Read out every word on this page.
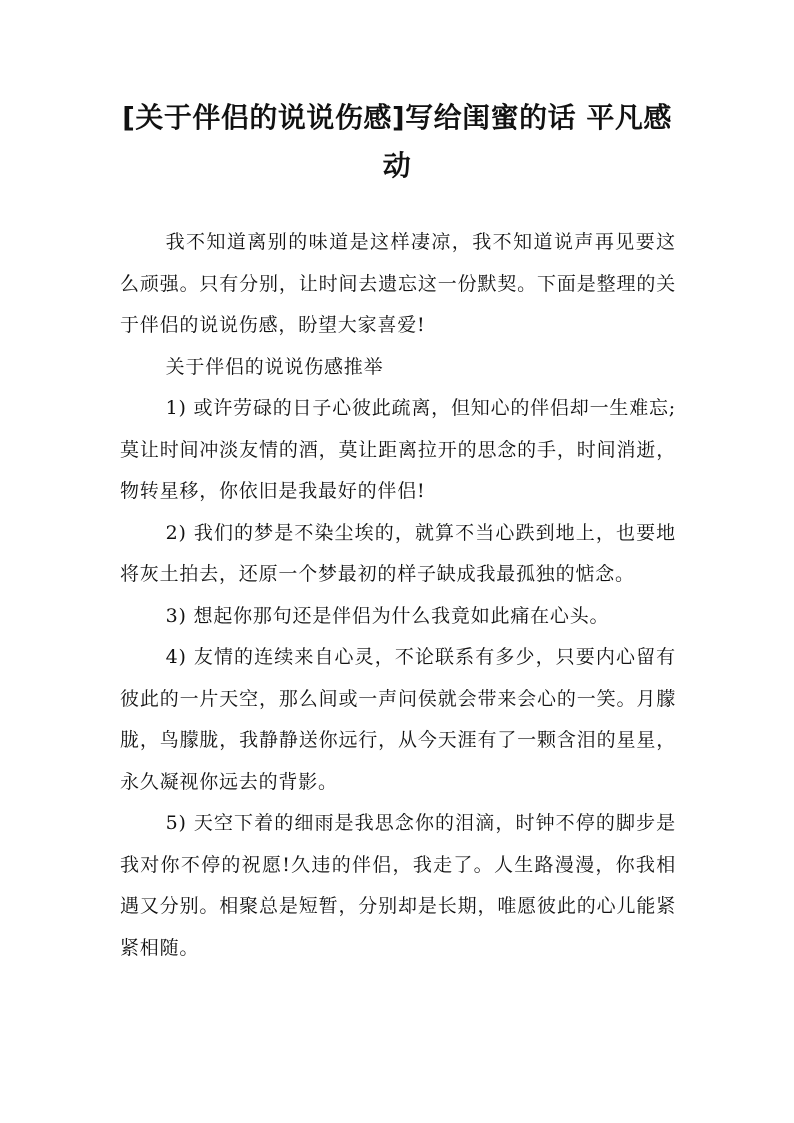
[关于伴侣的说说伤感]写给闺蜜的话 平凡感动

我不知道离别的味道是这样凄凉，我不知道说声再见要这么顽强。只有分别，让时间去遗忘这一份默契。下面是整理的关于伴侣的说说伤感，盼望大家喜爱!

关于伴侣的说说伤感推举

1) 或许劳碌的日子心彼此疏离，但知心的伴侣却一生难忘;莫让时间冲淡友情的酒，莫让距离拉开的思念的手，时间消逝，物转星移，你依旧是我最好的伴侣!

2) 我们的梦是不染尘埃的，就算不当心跌到地上，也要地将灰土拍去，还原一个梦最初的样子缺成我最孤独的惦念。

3) 想起你那句还是伴侣为什么我竟如此痛在心头。

4) 友情的连续来自心灵，不论联系有多少，只要内心留有彼此的一片天空，那么间或一声问侯就会带来会心的一笑。月朦胧，鸟朦胧，我静静送你远行，从今天涯有了一颗含泪的星星，永久凝视你远去的背影。

5) 天空下着的细雨是我思念你的泪滴，时钟不停的脚步是我对你不停的祝愿!久违的伴侣，我走了。人生路漫漫，你我相遇又分别。相聚总是短暂，分别却是长期，唯愿彼此的心儿能紧紧相随。
